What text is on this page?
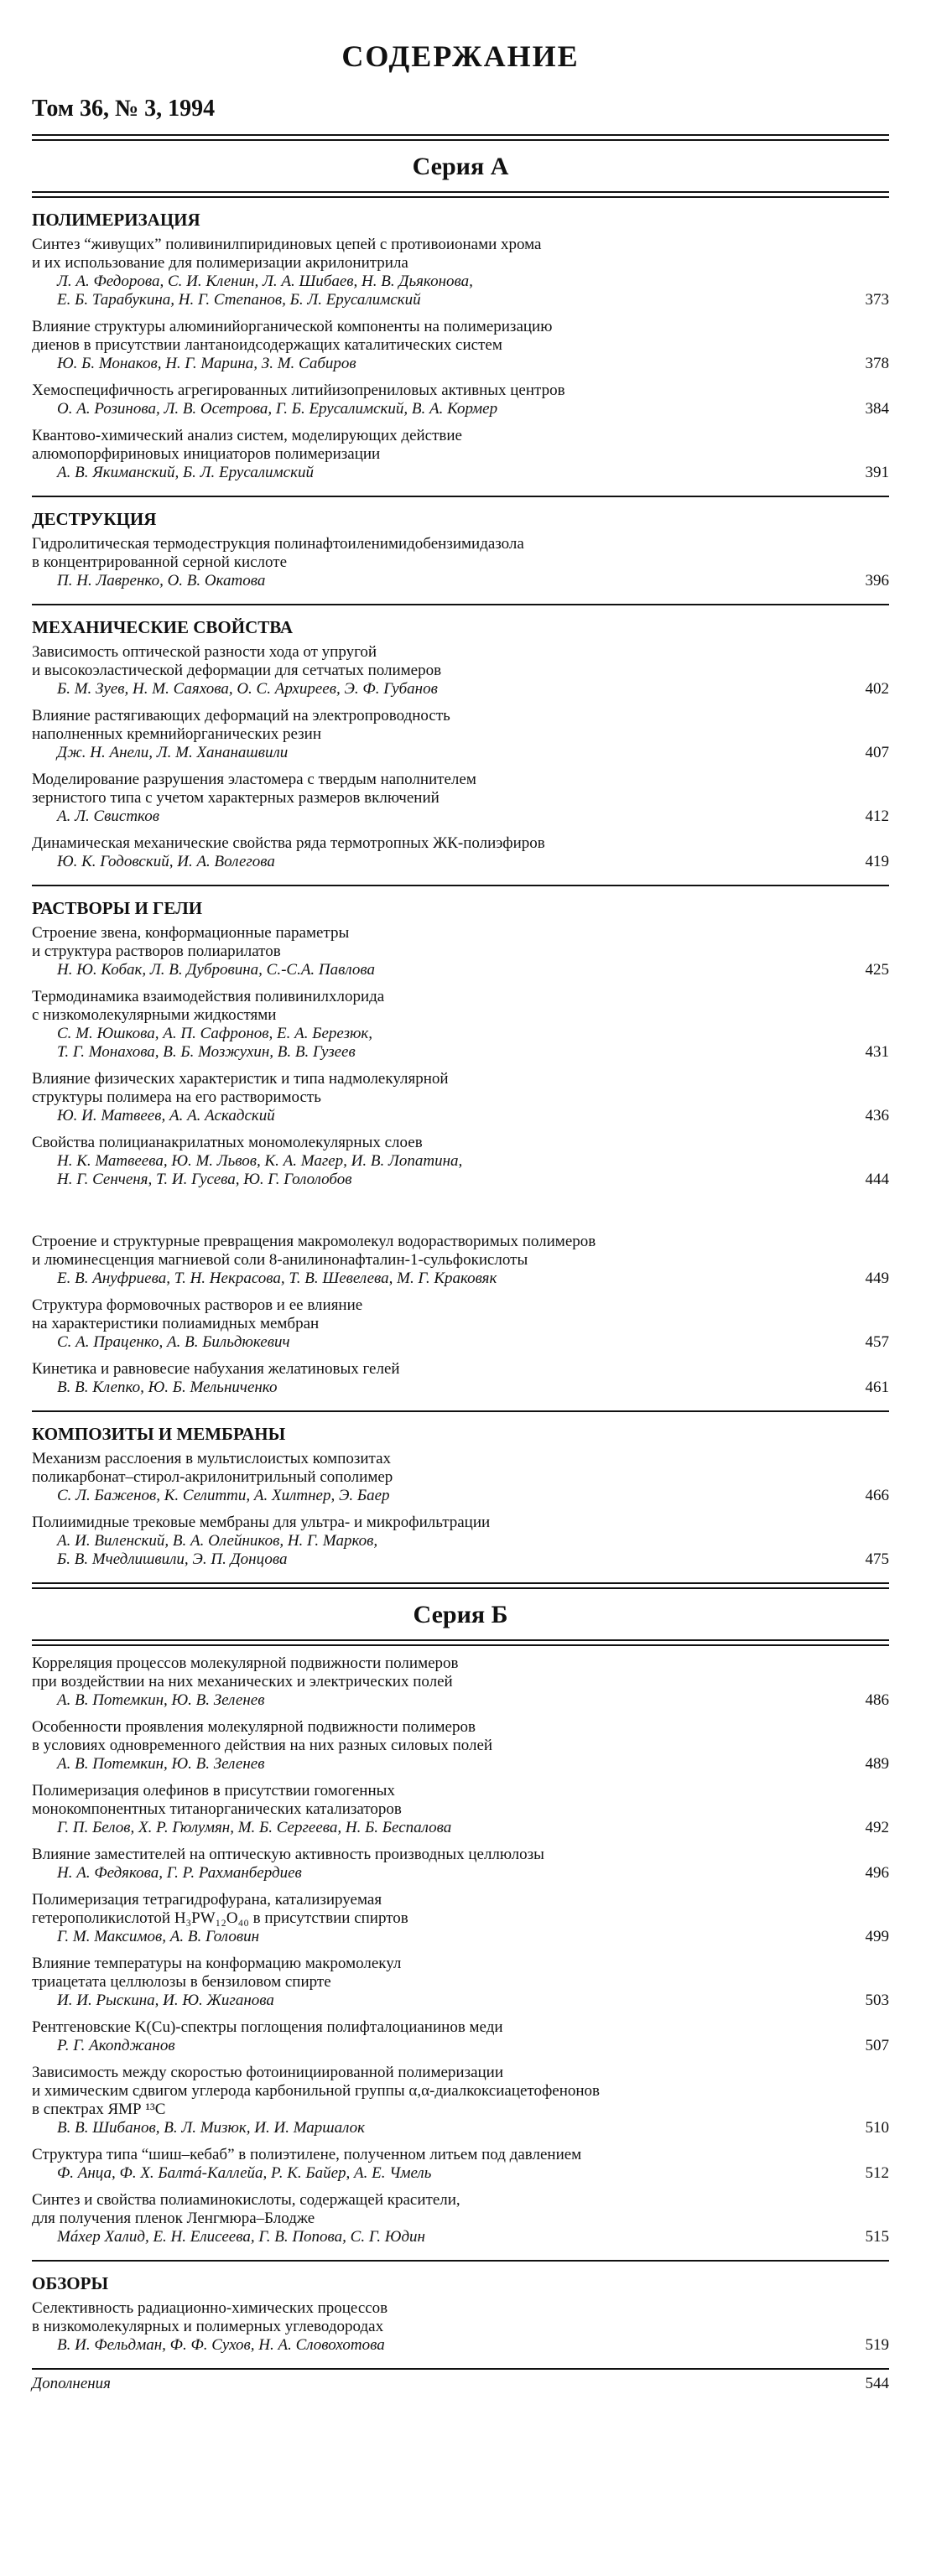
СОДЕРЖАНИЕ
Том 36, № 3, 1994
Серия А
ПОЛИМЕРИЗАЦИЯ
Синтез “живущих” поливинилпиридиновых цепей с противоионами хрома
и их использование для полимеризации акрилонитрила
Л. А. Федорова, С. И. Кленин, Л. А. Шибаев, Н. В. Дьяконова,
Е. Б. Тарабукина, Н. Г. Степанов, Б. Л. Ерусалимский	373
Влияние структуры алюминийорганической компоненты на полимеризацию
диенов в присутствии лантаноидсодержащих каталитических систем
Ю. Б. Монаков, Н. Г. Марина, З. М. Сабиров	378
Хемоспецифичность агрегированных литийизопрениловых активных центров
О. А. Розинова, Л. В. Осетрова, Г. Б. Ерусалимский, В. А. Кормер	384
Квантово-химический анализ систем, моделирующих действие
алюмопорфириновых инициаторов полимеризации
А. В. Якиманский, Б. Л. Ерусалимский	391
ДЕСТРУКЦИЯ
Гидролитическая термодеструкция полинафтоиленимидобензимидазола
в концентрированной серной кислоте
П. Н. Лавренко, О. В. Окатова	396
МЕХАНИЧЕСКИЕ СВОЙСТВА
Зависимость оптической разности хода от упругой
и высокоэластической деформации для сетчатых полимеров
Б. М. Зуев, Н. М. Саяхова, О. С. Архиреев, Э. Ф. Губанов	402
Влияние растягивающих деформаций на электропроводность
наполненных кремнийорганических резин
Дж. Н. Анели, Л. М. Хананашвили	407
Моделирование разрушения эластомера с твердым наполнителем
зернистого типа с учетом характерных размеров включений
А. Л. Свистков	412
Динамическая механические свойства ряда термотропных ЖК-полиэфиров
Ю. К. Годовский, И. А. Волегова	419
РАСТВОРЫ И ГЕЛИ
Строение звена, конформационные параметры
и структура растворов полиарилатов
Н. Ю. Кобак, Л. В. Дубровина, С.-С.А. Павлова	425
Термодинамика взаимодействия поливинилхлорида
с низкомолекулярными жидкостями
С. М. Юшкова, А. П. Сафронов, Е. А. Березюк,
Т. Г. Монахова, В. Б. Мозжухин, В. В. Гузеев	431
Влияние физических характеристик и типа надмолекулярной
структуры полимера на его растворимость
Ю. И. Матвеев, А. А. Аскадский	436
Свойства полицианакрилатных мономолекулярных слоев
Н. К. Матвеева, Ю. М. Львов, К. А. Магер, И. В. Лопатина,
Н. Г. Сенченя, Т. И. Гусева, Ю. Г. Гололобов	444
Строение и структурные превращения макромолекул водорастворимых полимеров
и люминесценция магниевой соли 8-анилинонафталин-1-сульфокислоты
Е. В. Ануфриева, Т. Н. Некрасова, Т. В. Шевелева, М. Г. Краковяк	449
Структура формовочных растворов и ее влияние
на характеристики полиамидных мембран
С. А. Праценко, А. В. Бильдюкевич	457
Кинетика и равновесие набухания желатиновых гелей
В. В. Клепко, Ю. Б. Мельниченко	461
КОМПОЗИТЫ И МЕМБРАНЫ
Механизм расслоения в мультислоистых композитах
поликарбонат–стирол-акрилонитрильный сополимер
С. Л. Баженов, К. Селитти, А. Хилтнер, Э. Баер	466
Полиимидные трековые мембраны для ультра- и микрофильтрации
А. И. Виленский, В. А. Олейников, Н. Г. Марков,
Б. В. Мчедлишвили, Э. П. Донцова	475
Серия Б
Корреляция процессов молекулярной подвижности полимеров
при воздействии на них механических и электрических полей
А. В. Потемкин, Ю. В. Зеленев	486
Особенности проявления молекулярной подвижности полимеров
в условиях одновременного действия на них разных силовых полей
А. В. Потемкин, Ю. В. Зеленев	489
Полимеризация олефинов в присутствии гомогенных
монокомпонентных титанорганических катализаторов
Г. П. Белов, Х. Р. Гюлумян, М. Б. Сергеева, Н. Б. Беспалова	492
Влияние заместителей на оптическую активность производных целлюлозы
Н. А. Федякова, Г. Р. Рахманбердиев	496
Полимеризация тетрагидрофурана, катализируемая
гетерополикислотой H₃PW₁₂O₄₀ в присутствии спиртов
Г. М. Максимов, А. В. Головин	499
Влияние температуры на конформацию макромолекул
триацетата целлюлозы в бензиловом спирте
И. И. Рыскина, И. Ю. Жиганова	503
Рентгеновские K(Cu)-спектры поглощения полифталоцианинов меди
Р. Г. Акопджанов	507
Зависимость между скоростью фотоинициированной полимеризации
и химическим сдвигом углерода карбонильной группы α,α-диалкоксиацетофенонов
в спектрах ЯМР ¹³C
В. В. Шибанов, В. Л. Мизюк, И. И. Маршалок	510
Структура типа “шиш–кебаб” в полиэтилене, полученном литьем под давлением
Ф. Анца, Ф. Х. Балтá-Каллейа, Р. К. Байер, А. Е. Чмель	512
Синтез и свойства полиаминокислоты, содержащей красители,
для получения пленок Ленгмюра–Блодже
Мáхер Халид, Е. Н. Елисеева, Г. В. Попова, С. Г. Юдин	515
ОБЗОРЫ
Селективность радиационно-химических процессов
в низкомолекулярных и полимерных углеводородах
В. И. Фельдман, Ф. Ф. Сухов, Н. А. Словохотова	519
Дополнения	544
